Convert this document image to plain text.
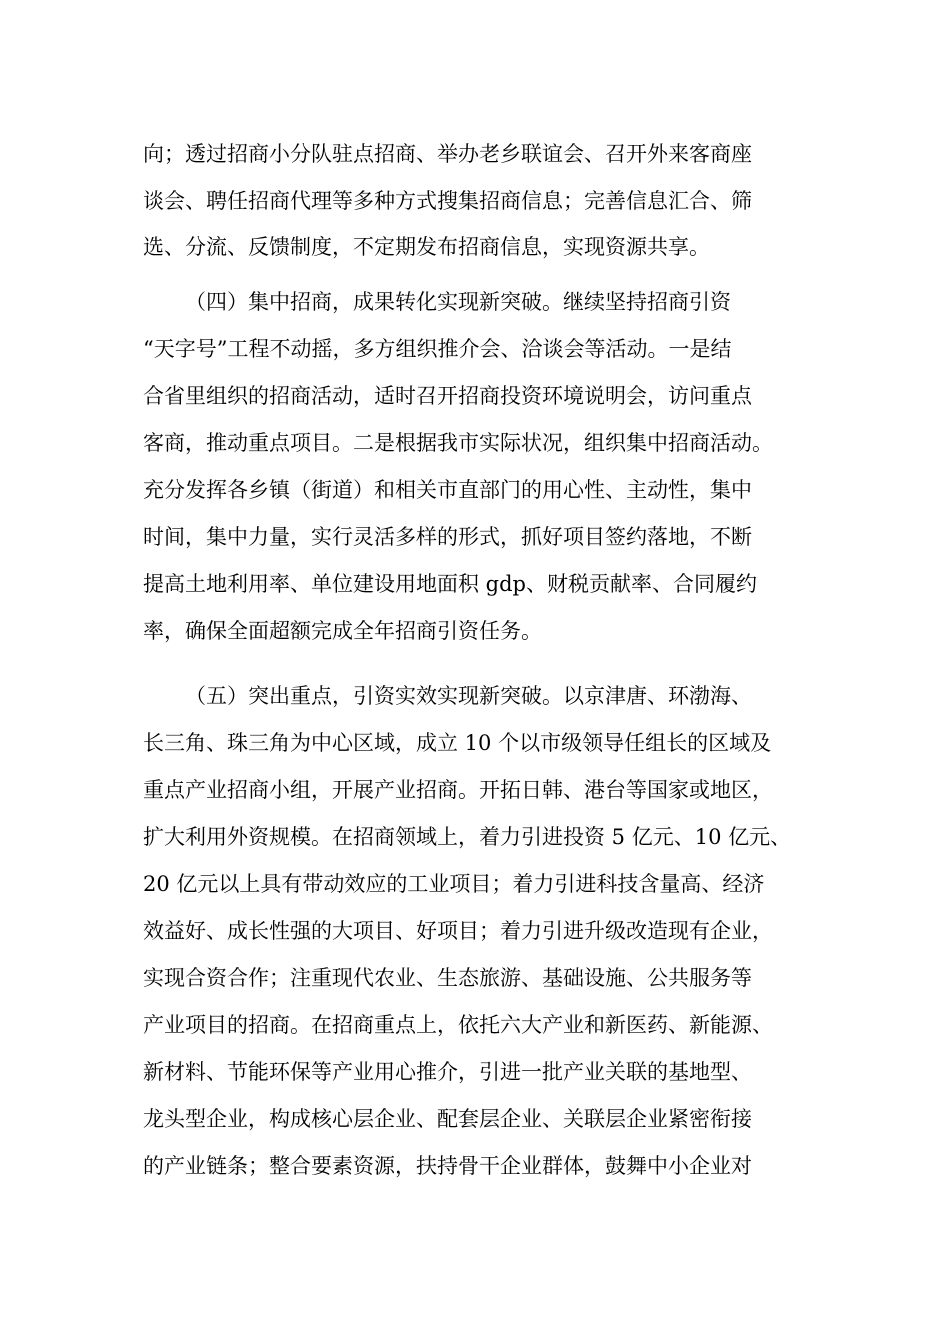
向；透过招商小分队驻点招商、举办老乡联谊会、召开外来客商座
谈会、聘任招商代理等多种方式搜集招商信息；完善信息汇合、筛
选、分流、反馈制度，不定期发布招商信息，实现资源共享。
（四）集中招商，成果转化实现新突破。继续坚持招商引资
“天字号”工程不动摇，多方组织推介会、洽谈会等活动。一是结
合省里组织的招商活动，适时召开招商投资环境说明会，访问重点
客商，推动重点项目。二是根据我市实际状况，组织集中招商活动。
充分发挥各乡镇（街道）和相关市直部门的用心性、主动性，集中
时间，集中力量，实行灵活多样的形式，抓好项目签约落地，不断
提高土地利用率、单位建设用地面积 gdp、财税贡献率、合同履约
率，确保全面超额完成全年招商引资任务。
（五）突出重点，引资实效实现新突破。以京津唐、环渤海、
长三角、珠三角为中心区域，成立 10 个以市级领导任组长的区域及
重点产业招商小组，开展产业招商。开拓日韩、港台等国家或地区，
扩大利用外资规模。在招商领域上，着力引进投资 5 亿元、10 亿元、
20 亿元以上具有带动效应的工业项目；着力引进科技含量高、经济
效益好、成长性强的大项目、好项目；着力引进升级改造现有企业，
实现合资合作；注重现代农业、生态旅游、基础设施、公共服务等
产业项目的招商。在招商重点上，依托六大产业和新医药、新能源、
新材料、节能环保等产业用心推介，引进一批产业关联的基地型、
龙头型企业，构成核心层企业、配套层企业、关联层企业紧密衔接
的产业链条；整合要素资源，扶持骨干企业群体，鼓舞中小企业对
